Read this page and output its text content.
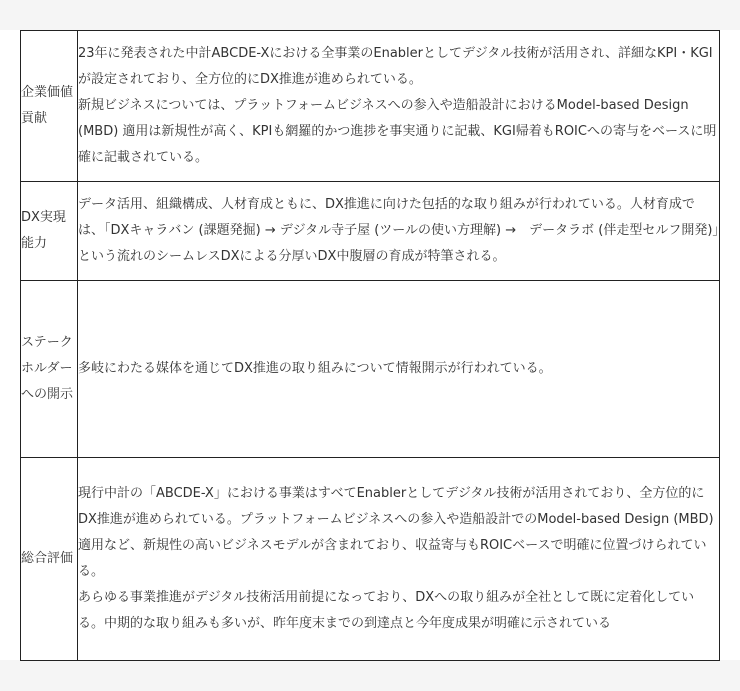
企業価値貢献	23年に発表された中計ABCDE-Xにおける全事業のEnablerとしてデジタル技術が活用され、詳細なKPI・KGIが設定されており、全方位的にDX推進が進められている。

新規ビジネスについては、プラットフォームビジネスへの参入や造船設計におけるModel-based Design (MBD) 適用は新規性が高く、KPIも網羅的かつ進捗を事実通りに記載、KGI帰着もROICへの寄与をベースに明確に記載されている。

DX実現能力	データ活用、組織構成、人材育成ともに、DX推進に向けた包括的な取り組みが行われている。人材育成では、「DXキャラバン (課題発掘) → デジタル寺子屋 (ツールの使い方理解) →　データラボ (伴走型セルフ開発)」という流れのシームレスDXによる分厚いDX中腹層の育成が特筆される。

ステークホルダーへの開示	多岐にわたる媒体を通じてDX推進の取り組みについて情報開示が行われている。

総合評価	現行中計の「ABCDE-X」における事業はすべてEnablerとしてデジタル技術が活用されており、全方位的にDX推進が進められている。プラットフォームビジネスへの参入や造船設計でのModel-based Design (MBD) 適用など、新規性の高いビジネスモデルが含まれており、収益寄与もROICベースで明確に位置づけられている。

あらゆる事業推進がデジタル技術活用前提になっており、DXへの取り組みが全社として既に定着化している。中期的な取り組みも多いが、昨年度末までの到達点と今年度成果が明確に示されている
